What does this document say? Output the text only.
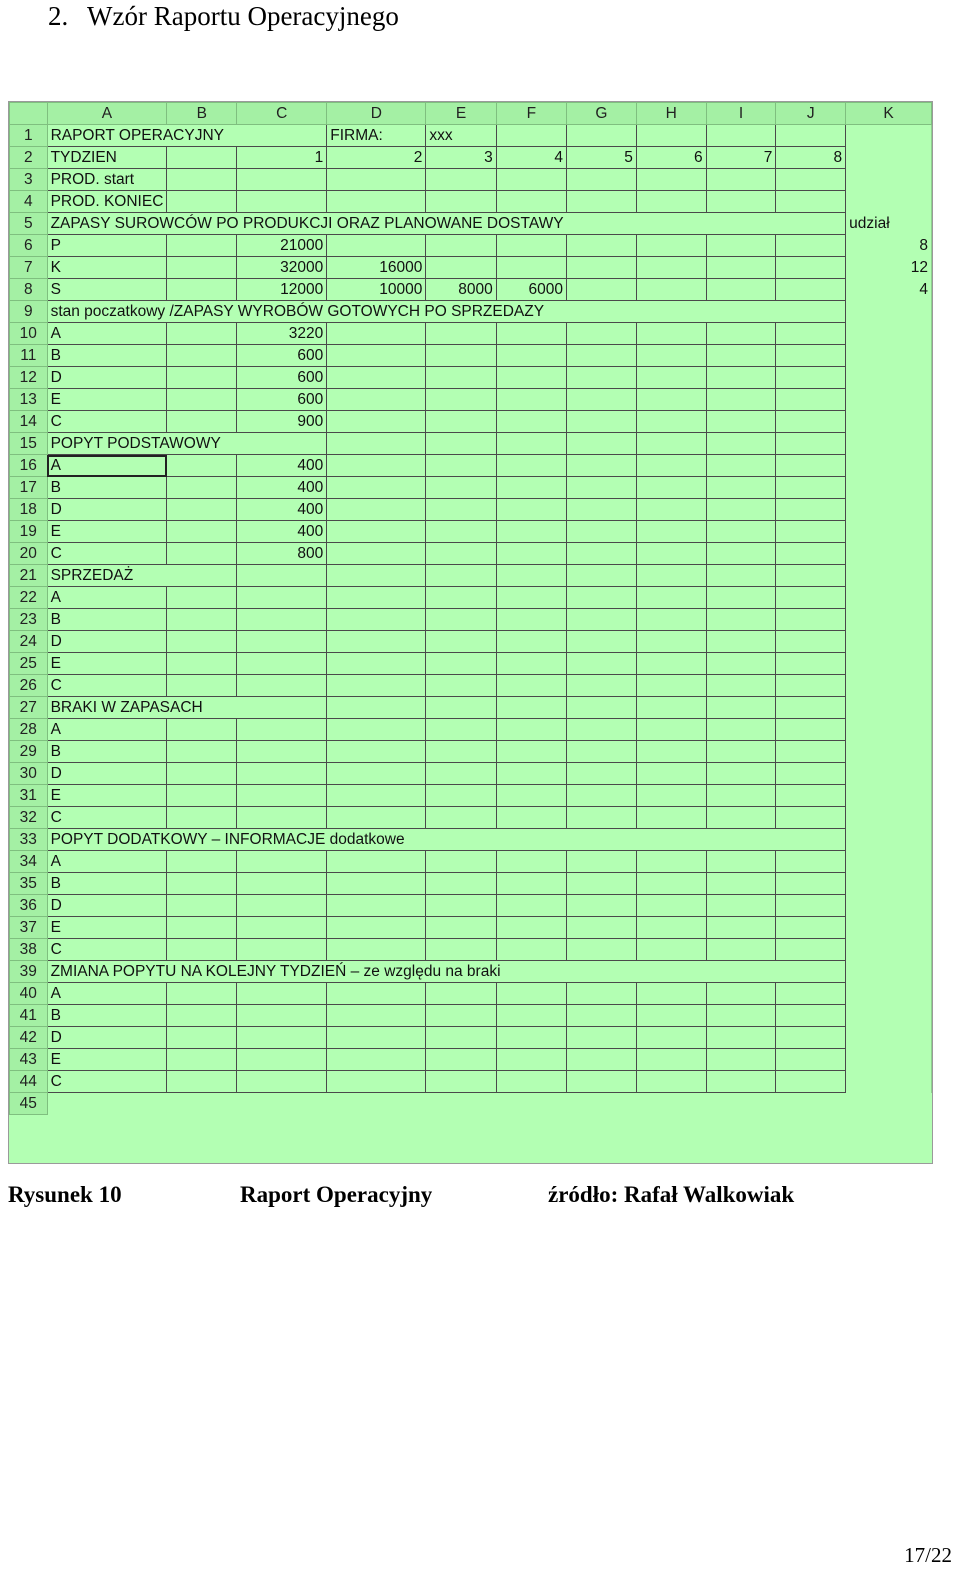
2. Wzór Raportu Operacyjnego
	A	B	C	D	E	F	G	H	I	J	K
1	RAPORT OPERACYJNY			FIRMA:	xxx						
2	TYDZIEN		1	2	3	4	5	6	7	8	
3	PROD. start										
4	PROD. KONIEC										
5	ZAPASY SUROWCÓW PO PRODUKCJI ORAZ PLANOWANE DOSTAWY										udział
6	P		21000								8
7	K		32000	16000							12
8	S		12000	10000	8000	6000					4
9	stan poczatkowy /ZAPASY WYROBÓW GOTOWYCH PO SPRZEDAZY										
10	A		3220								
11	B		600								
12	D		600								
13	E		600								
14	C		900								
15	POPYT PODSTAWOWY										
16	A		400								
17	B		400								
18	D		400								
19	E		400								
20	C		800								
21	SPRZEDAŻ										
22	A										
23	B										
24	D										
25	E										
26	C										
27	BRAKI W ZAPASACH										
28	A										
29	B										
30	D										
31	E										
32	C										
33	POPYT DODATKOWY – INFORMACJE dodatkowe										
34	A										
35	B										
36	D										
37	E										
38	C										
39	ZMIANA POPYTU NA KOLEJNY TYDZIEŃ – ze względu na braki										
40	A										
41	B										
42	D										
43	E										
44	C										
45											
Rysunek 10	Raport Operacyjny	źródło: Rafał Walkowiak
17/22
